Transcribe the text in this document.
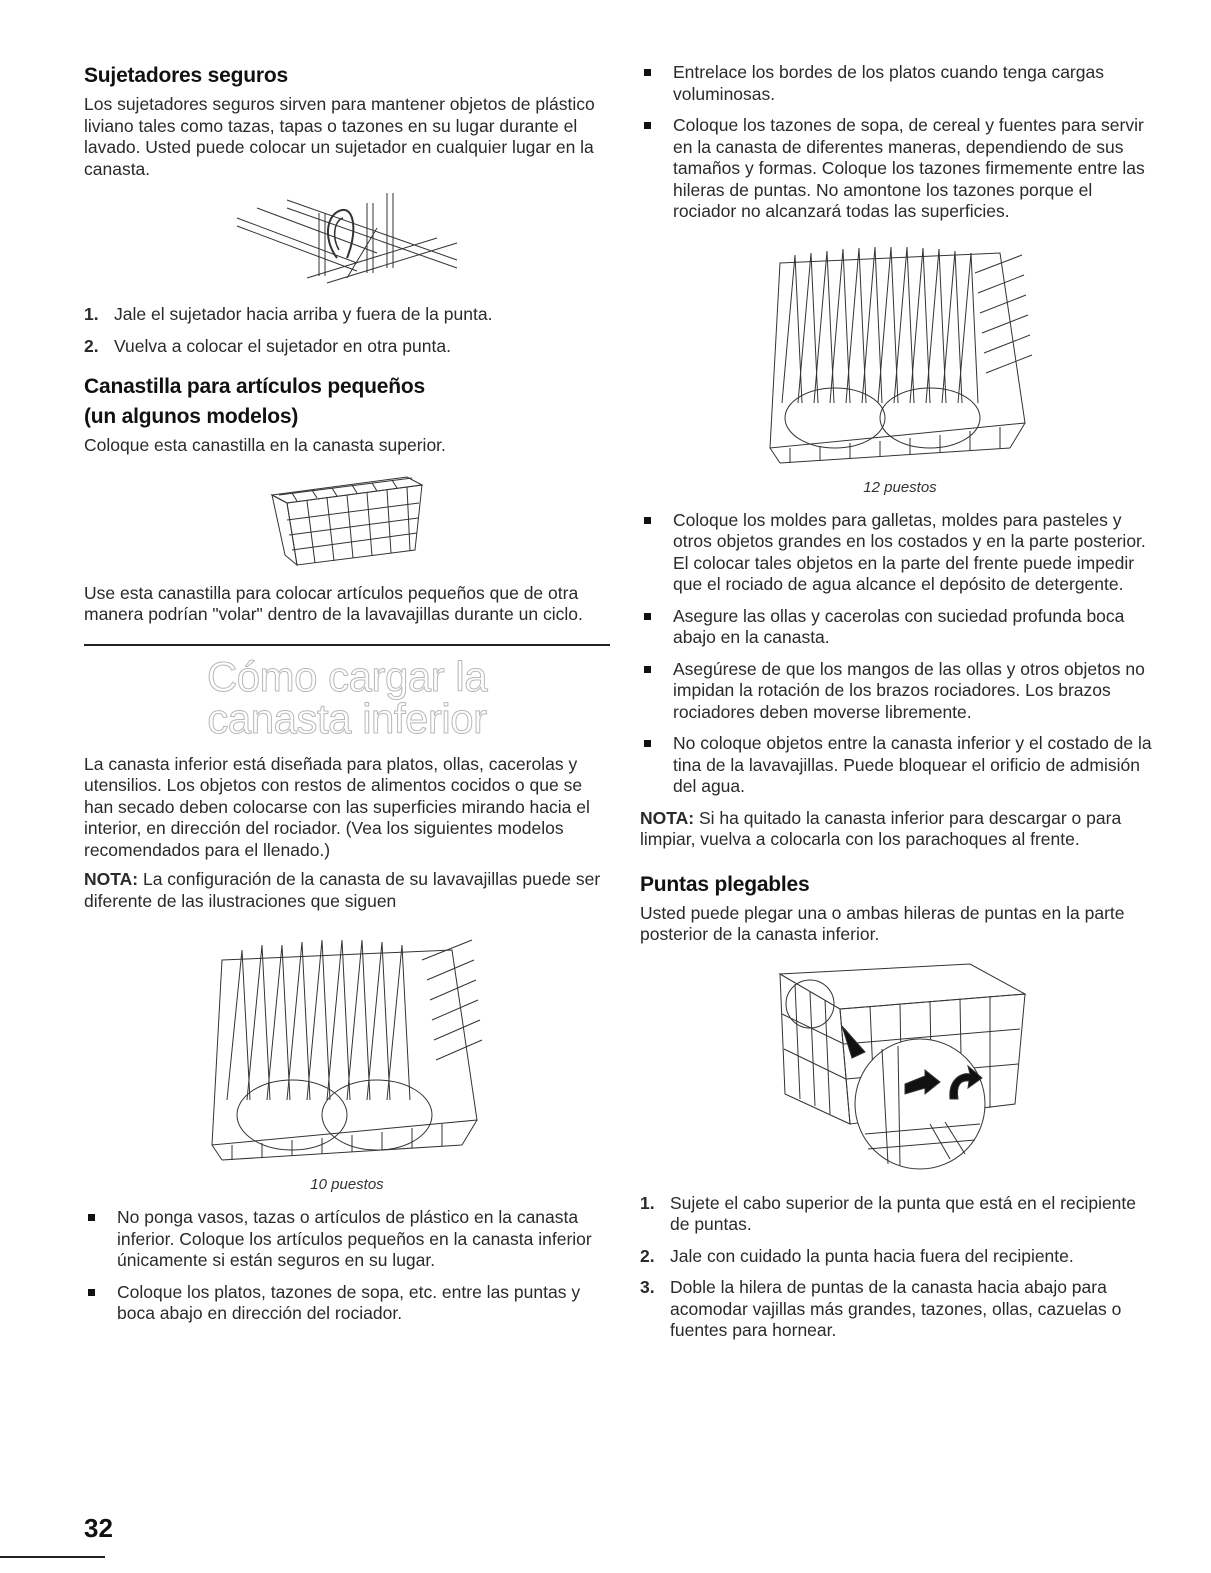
Sujetadores seguros

Los sujetadores seguros sirven para mantener objetos de plástico liviano tales como tazas, tapas o tazones en su lugar durante el lavado. Usted puede colocar un sujetador en cualquier lugar en la canasta.

1. Jale el sujetador hacia arriba y fuera de la punta.
2. Vuelva a colocar el sujetador en otra punta.
Canastilla para artículos pequeños
(un algunos modelos)

Coloque esta canastilla en la canasta superior.

Use esta canastilla para colocar artículos pequeños que de otra manera podrían "volar" dentro de la lavavajillas durante un ciclo.

Cómo cargar la
canasta inferior

La canasta inferior está diseñada para platos, ollas, cacerolas y utensilios. Los objetos con restos de alimentos cocidos o que se han secado deben colocarse con las superficies mirando hacia el interior, en dirección del rociador. (Vea los siguientes modelos recomendados para el llenado.)

NOTA: La configuración de la canasta de su lavavajillas puede ser diferente de las ilustraciones que siguen

10 puestos
No ponga vasos, tazas o artículos de plástico en la canasta inferior. Coloque los artículos pequeños en la canasta inferior únicamente si están seguros en su lugar.
Coloque los platos, tazones de sopa, etc. entre las puntas y boca abajo en dirección del rociador.
Entrelace los bordes de los platos cuando tenga cargas voluminosas.
Coloque los tazones de sopa, de cereal y fuentes para servir en la canasta de diferentes maneras, dependiendo de sus tamaños y formas. Coloque los tazones firmemente entre las hileras de puntas. No amontone los tazones porque el rociador no alcanzará todas las superficies.
12 puestos
Coloque los moldes para galletas, moldes para pasteles y otros objetos grandes en los costados y en la parte posterior. El colocar tales objetos en la parte del frente puede impedir que el rociado de agua alcance el depósito de detergente.
Asegure las ollas y cacerolas con suciedad profunda boca abajo en la canasta.
Asegúrese de que los mangos de las ollas y otros objetos no impidan la rotación de los brazos rociadores. Los brazos rociadores deben moverse libremente.
No coloque objetos entre la canasta inferior y el costado de la tina de la lavavajillas. Puede bloquear el orificio de admisión del agua.

NOTA: Si ha quitado la canasta inferior para descargar o para limpiar, vuelva a colocarla con los parachoques al frente.

Puntas plegables

Usted puede plegar una o ambas hileras de puntas en la parte posterior de la canasta inferior.

1. Sujete el cabo superior de la punta que está en el recipiente de puntas.
2. Jale con cuidado la punta hacia fuera del recipiente.
3. Doble la hilera de puntas de la canasta hacia abajo para acomodar vajillas más grandes, tazones, ollas, cazuelas o fuentes para hornear.
32
